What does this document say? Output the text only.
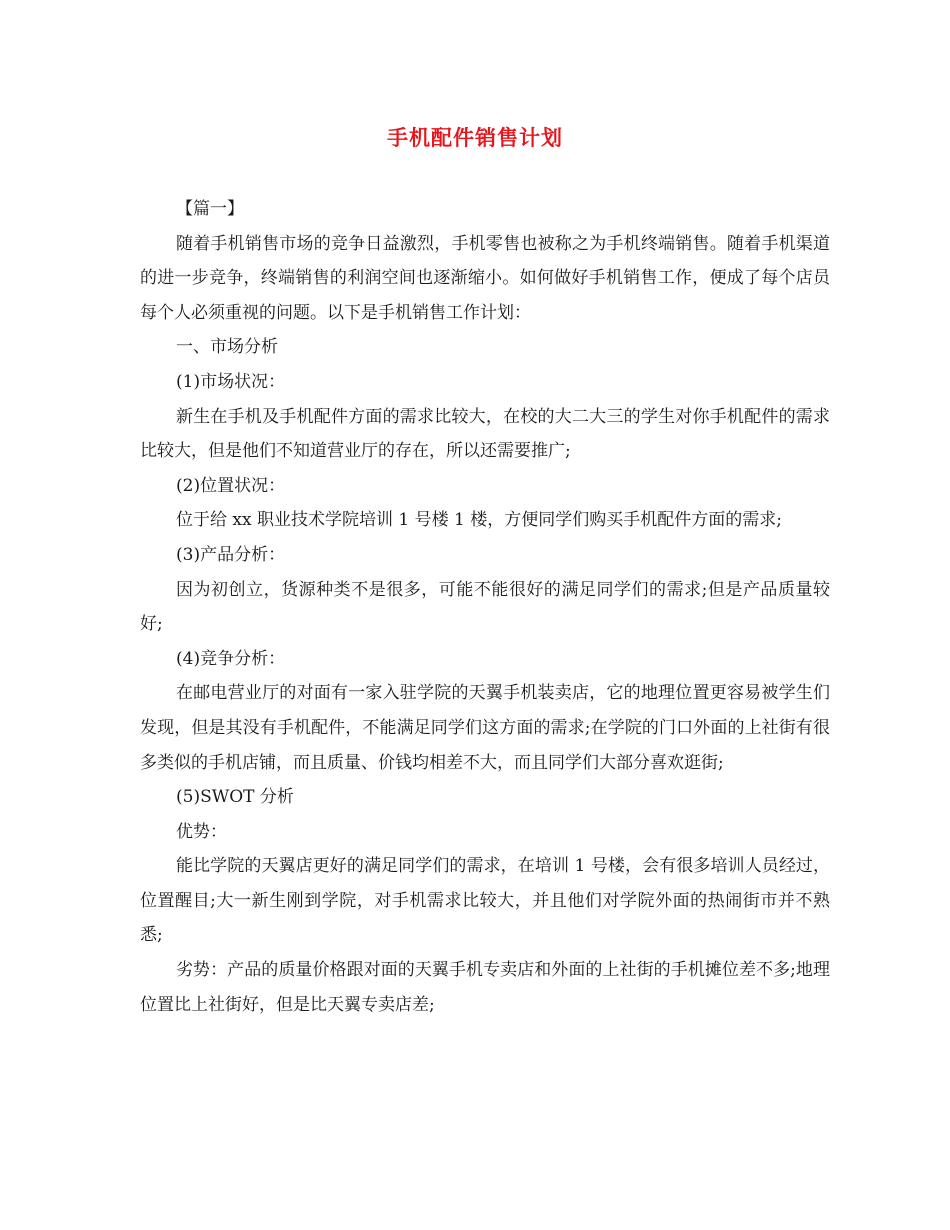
手机配件销售计划

【篇一】

随着手机销售市场的竞争日益激烈，手机零售也被称之为手机终端销售。随着手机渠道的进一步竞争，终端销售的利润空间也逐渐缩小。如何做好手机销售工作，便成了每个店员每个人必须重视的问题。以下是手机销售工作计划：

一、市场分析

(1)市场状况：

新生在手机及手机配件方面的需求比较大，在校的大二大三的学生对你手机配件的需求比较大，但是他们不知道营业厅的存在，所以还需要推广;

(2)位置状况：

位于给 xx 职业技术学院培训 1 号楼 1 楼，方便同学们购买手机配件方面的需求;

(3)产品分析：

因为初创立，货源种类不是很多，可能不能很好的满足同学们的需求;但是产品质量较好;

(4)竞争分析：

在邮电营业厅的对面有一家入驻学院的天翼手机装卖店，它的地理位置更容易被学生们发现，但是其没有手机配件，不能满足同学们这方面的需求;在学院的门口外面的上社街有很多类似的手机店铺，而且质量、价钱均相差不大，而且同学们大部分喜欢逛街;

(5)SWOT 分析

优势：

能比学院的天翼店更好的满足同学们的需求，在培训 1 号楼，会有很多培训人员经过，位置醒目;大一新生刚到学院，对手机需求比较大，并且他们对学院外面的热闹街市并不熟悉;

劣势：产品的质量价格跟对面的天翼手机专卖店和外面的上社街的手机摊位差不多;地理位置比上社街好，但是比天翼专卖店差;
